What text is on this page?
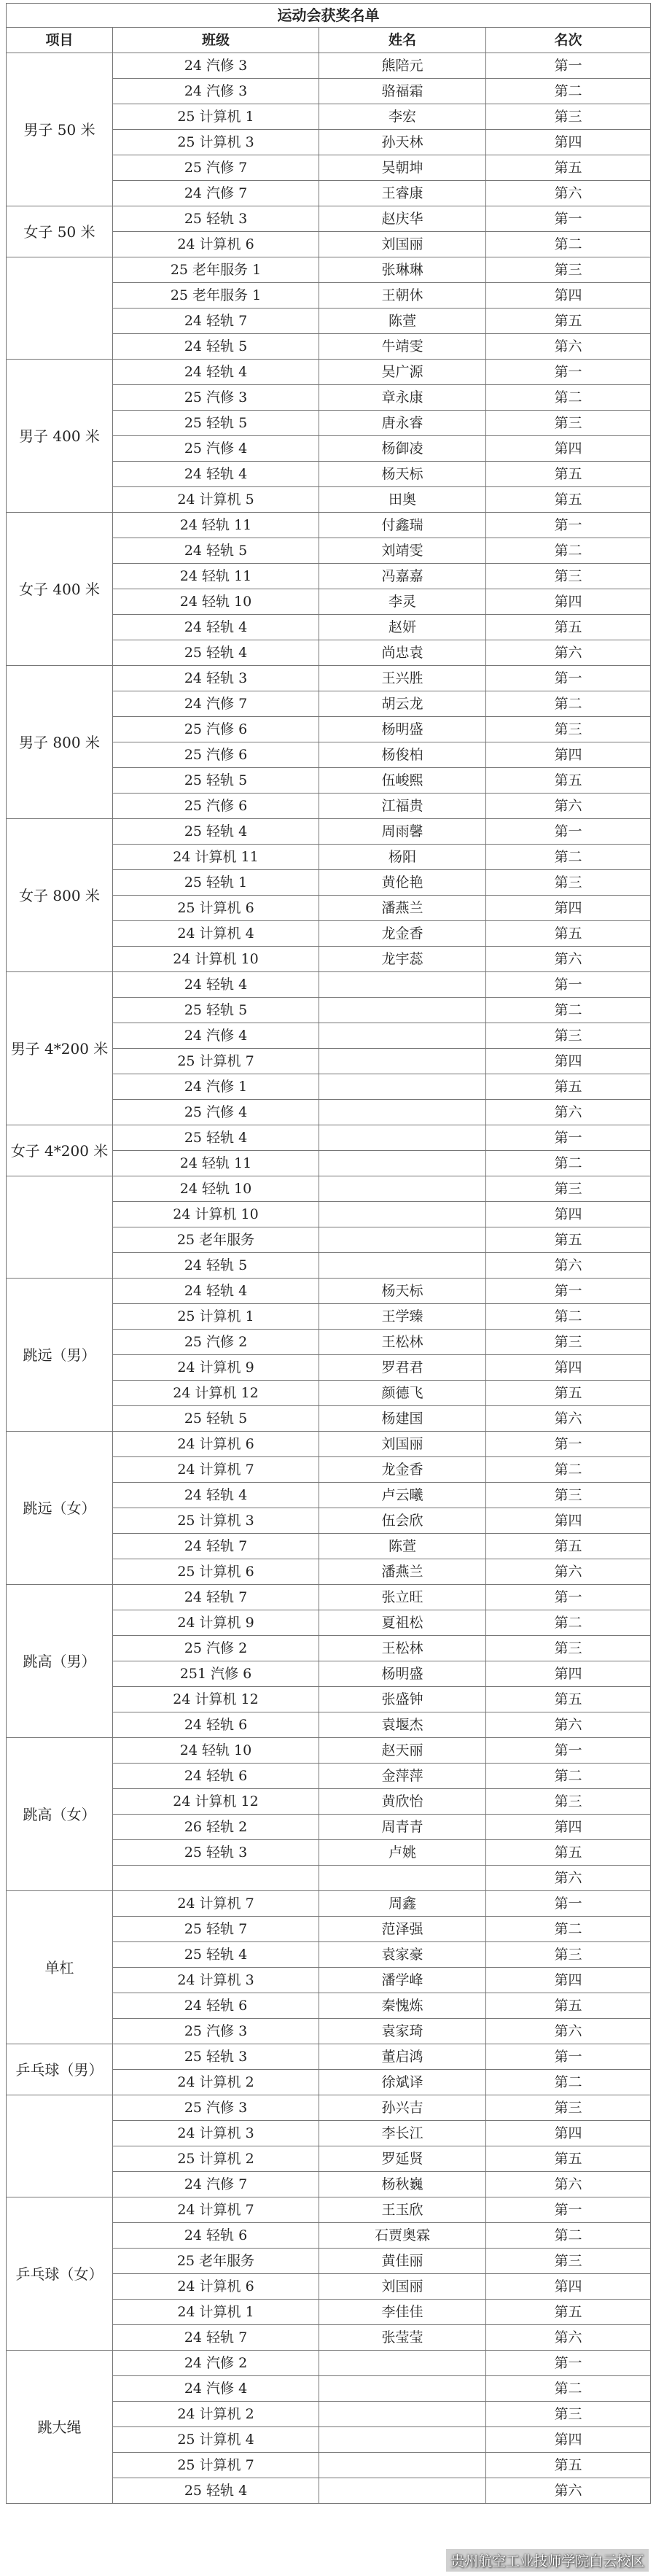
运动会获奖名单			
项目	班级	姓名	名次
男子 50 米	24 汽修 3	熊陪元	第一
	24 汽修 3	骆福霜	第二
	25 计算机 1	李宏	第三
	25 计算机 3	孙天林	第四
	25 汽修 7	吴朝坤	第五
	24 汽修 7	王睿康	第六
女子 50 米	25 轻轨 3	赵庆华	第一
	24 计算机 6	刘国丽	第二
	25 老年服务 1	张琳琳	第三
	25 老年服务 1	王朝休	第四
	24 轻轨 7	陈萱	第五
	24 轻轨 5	牛靖雯	第六
男子 400 米	24 轻轨 4	吴广源	第一
	25 汽修 3	章永康	第二
	25 轻轨 5	唐永睿	第三
	25 汽修 4	杨御凌	第四
	24 轻轨 4	杨天标	第五
	24 计算机 5	田奥	第五
女子 400 米	24 轻轨 11	付鑫瑞	第一
	24 轻轨 5	刘靖雯	第二
	24 轻轨 11	冯嘉嘉	第三
	24 轻轨 10	李灵	第四
	24 轻轨 4	赵妍	第五
	25 轻轨 4	尚忠袁	第六
男子 800 米	24 轻轨 3	王兴胜	第一
	24 汽修 7	胡云龙	第二
	25 汽修 6	杨明盛	第三
	25 汽修 6	杨俊柏	第四
	25 轻轨 5	伍峻熙	第五
	25 汽修 6	江福贵	第六
女子 800 米	25 轻轨 4	周雨馨	第一
	24 计算机 11	杨阳	第二
	25 轻轨 1	黄伦艳	第三
	25 计算机 6	潘燕兰	第四
	24 计算机 4	龙金香	第五
	24 计算机 10	龙宇蕊	第六
男子 4*200 米	24 轻轨 4		第一
	25 轻轨 5		第二
	24 汽修 4		第三
	25 计算机 7		第四
	24 汽修 1		第五
	25 汽修 4		第六
女子 4*200 米	25 轻轨 4		第一
	24 轻轨 11		第二
	24 轻轨 10		第三
	24 计算机 10		第四
	25 老年服务		第五
	24 轻轨 5		第六
跳远（男）	24 轻轨 4	杨天标	第一
	25 计算机 1	王学臻	第二
	25 汽修 2	王松林	第三
	24 计算机 9	罗君君	第四
	24 计算机 12	颜德飞	第五
	25 轻轨 5	杨建国	第六
跳远（女）	24 计算机 6	刘国丽	第一
	24 计算机 7	龙金香	第二
	24 轻轨 4	卢云曦	第三
	25 计算机 3	伍会欣	第四
	24 轻轨 7	陈萱	第五
	25 计算机 6	潘燕兰	第六
跳高（男）	24 轻轨 7	张立旺	第一
	24 计算机 9	夏祖松	第二
	25 汽修 2	王松林	第三
	251 汽修 6	杨明盛	第四
	24 计算机 12	张盛钟	第五
	24 轻轨 6	袁堰杰	第六
跳高（女）	24 轻轨 10	赵天丽	第一
	24 轻轨 6	金萍萍	第二
	24 计算机 12	黄欣怡	第三
	26 轻轨 2	周青青	第四
	25 轻轨 3	卢姚	第五
			第六
单杠	24 计算机 7	周鑫	第一
	25 轻轨 7	范泽强	第二
	25 轻轨 4	袁家豪	第三
	24 计算机 3	潘学峰	第四
	24 轻轨 6	秦愧炼	第五
	25 汽修 3	袁家琦	第六
乒乓球（男）	25 轻轨 3	董启鸿	第一
	24 计算机 2	徐斌译	第二
	25 汽修 3	孙兴吉	第三
	24 计算机 3	李长江	第四
	25 计算机 2	罗延贤	第五
	24 汽修 7	杨秋巍	第六
乒乓球（女）	24 计算机 7	王玉欣	第一
	24 轻轨 6	石贾奥霖	第二
	25 老年服务	黄佳丽	第三
	24 计算机 6	刘国丽	第四
	24 计算机 1	李佳佳	第五
	24 轻轨 7	张莹莹	第六
跳大绳	24 汽修 2		第一
	24 汽修 4		第二
	24 计算机 2		第三
	25 计算机 4		第四
	25 计算机 7		第五
	25 轻轨 4		第六
贵州航空工业技师学院白云校区
